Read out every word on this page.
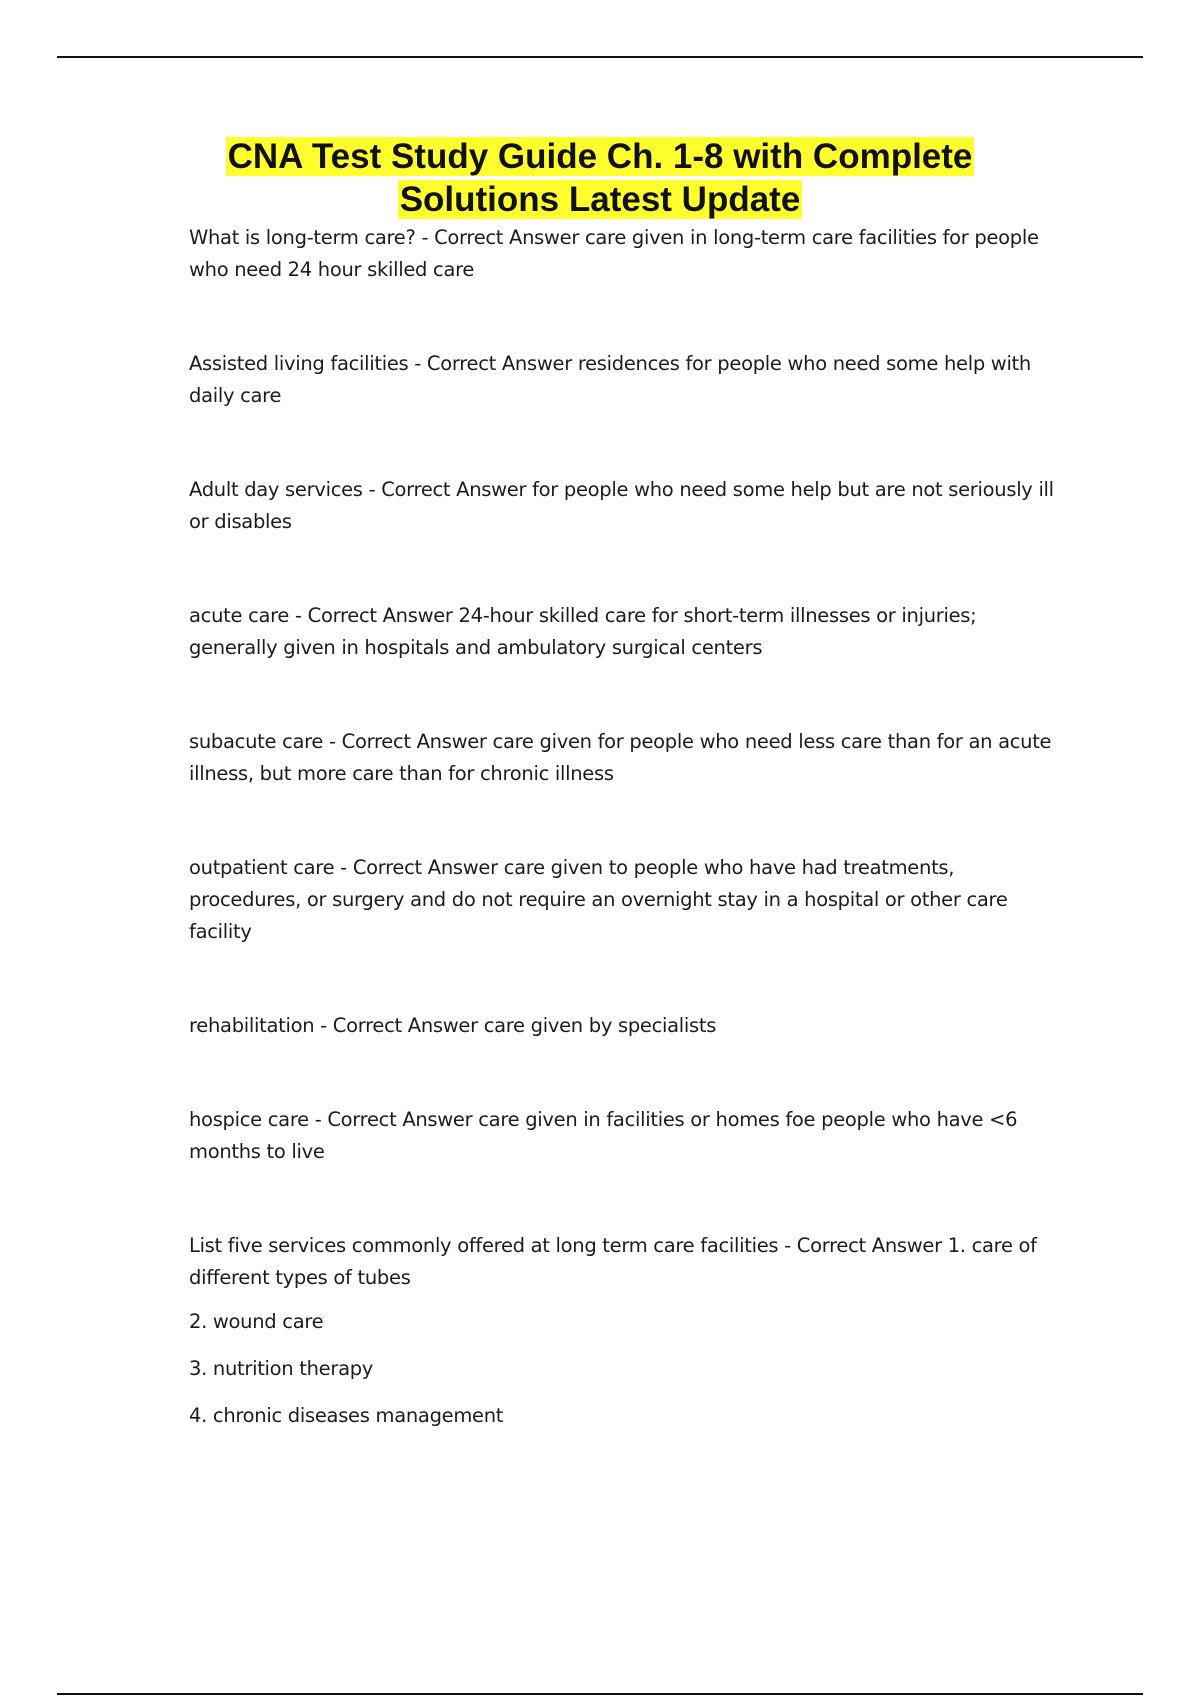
CNA Test Study Guide Ch. 1-8 with Complete
Solutions Latest Update

What is long-term care? - Correct Answer care given in long-term care facilities for people who need 24 hour skilled care

Assisted living facilities - Correct Answer residences for people who need some help with daily care

Adult day services - Correct Answer for people who need some help but are not seriously ill or disables

acute care - Correct Answer 24-hour skilled care for short-term illnesses or injuries; generally given in hospitals and ambulatory surgical centers

subacute care - Correct Answer care given for people who need less care than for an acute illness, but more care than for chronic illness

outpatient care - Correct Answer care given to people who have had treatments, procedures, or surgery and do not require an overnight stay in a hospital or other care facility

rehabilitation - Correct Answer care given by specialists

hospice care - Correct Answer care given in facilities or homes foe people who have <6 months to live

List five services commonly offered at long term care facilities - Correct Answer 1. care of different types of tubes

2. wound care

3. nutrition therapy

4. chronic diseases management
